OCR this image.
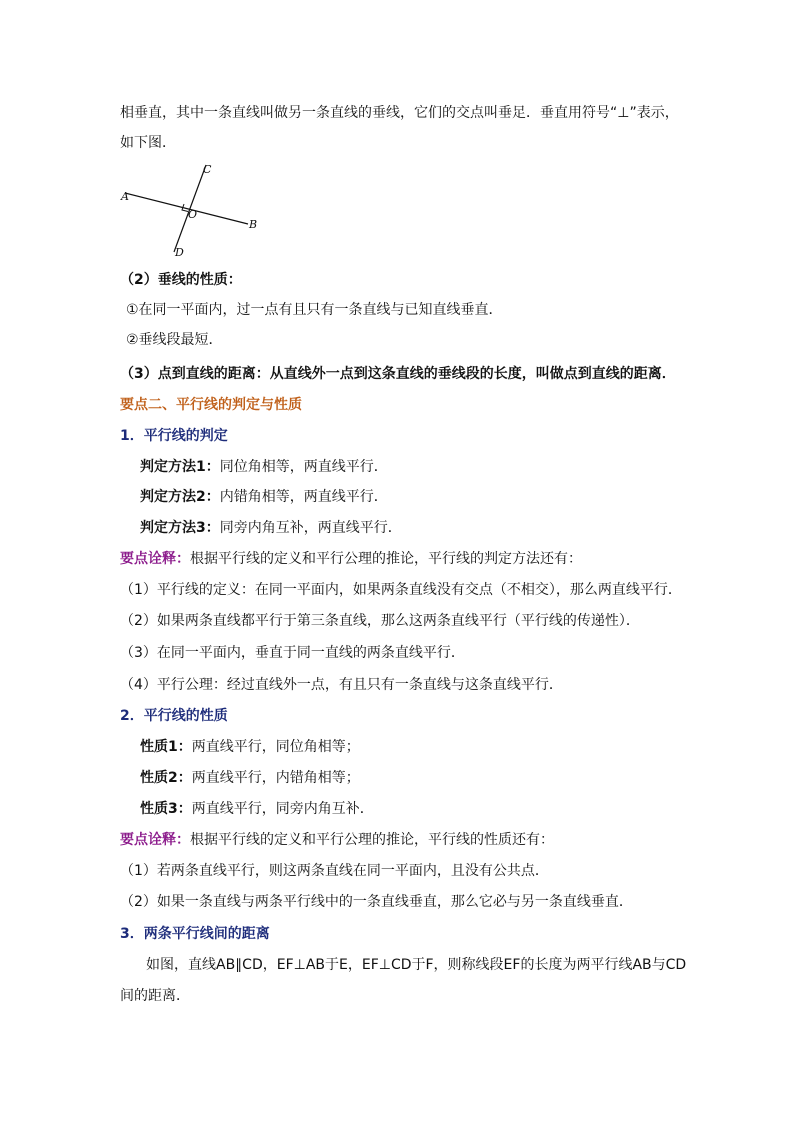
相垂直，其中一条直线叫做另一条直线的垂线，它们的交点叫垂足．垂直用符号“⊥”表示，
如下图．
A
B
C
D
O
（2）垂线的性质：
①在同一平面内，过一点有且只有一条直线与已知直线垂直．
②垂线段最短．
（3）点到直线的距离：从直线外一点到这条直线的垂线段的长度，叫做点到直线的距离．
要点二、平行线的判定与性质
1．平行线的判定
判定方法1：同位角相等，两直线平行．
判定方法2：内错角相等，两直线平行．
判定方法3：同旁内角互补，两直线平行．
要点诠释：根据平行线的定义和平行公理的推论，平行线的判定方法还有：
（1）平行线的定义：在同一平面内，如果两条直线没有交点（不相交），那么两直线平行．
（2）如果两条直线都平行于第三条直线，那么这两条直线平行（平行线的传递性）．
（3）在同一平面内，垂直于同一直线的两条直线平行．
（4）平行公理：经过直线外一点，有且只有一条直线与这条直线平行．
2．平行线的性质
性质1：两直线平行，同位角相等；
性质2：两直线平行，内错角相等；
性质3：两直线平行，同旁内角互补．
要点诠释：根据平行线的定义和平行公理的推论，平行线的性质还有：
（1）若两条直线平行，则这两条直线在同一平面内，且没有公共点．
（2）如果一条直线与两条平行线中的一条直线垂直，那么它必与另一条直线垂直．
3．两条平行线间的距离
如图，直线AB∥CD，EF⊥AB于E，EF⊥CD于F，则称线段EF的长度为两平行线AB与CD
间的距离．
